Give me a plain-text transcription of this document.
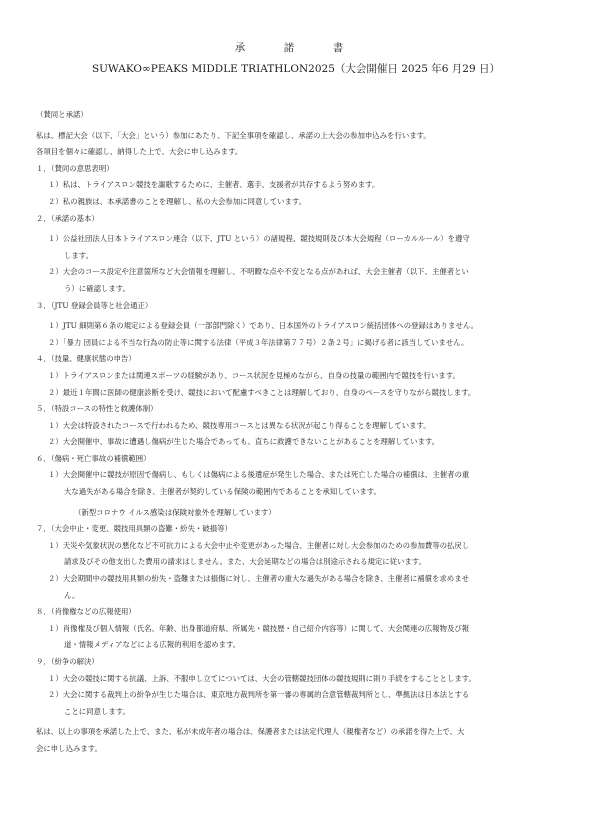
承　諾　書
SUWAKO∞PEAKS MIDDLE TRIATHLON2025（大会開催日 2025 年6 月29 日）
（賛同と承諾）
私は、標記大会（以下、「大会」という）参加にあたり、下記全事項を確認し、承諾の上大会の参加申込みを行います。
各項目を個々に確認し、納得した上で、大会に申し込みます。
１．（賛同の意思表明）
１）私は、トライアスロン競技を謳歌するために、主催者、選手、支援者が共存するよう努めます。
２）私の親族は、本承諾書のことを理解し、私の大会参加に同意しています。
２．（承諾の基本）
１）公益社団法人日本トライアスロン連合（以下、JTU という）の諸規程、競技規則及び本大会規程（ローカルルール）を遵守
します。
２）大会のコース設定や注意箇所など大会情報を理解し、不明瞭な点や不安となる点があれば、大会主催者（以下、主催者とい
う）に確認します。
３．（JTU 登録会員等と社会通正）
１）JTU 細則第６条の規定による登録会員（一部部門除く）であり、日本国外のトライアスロン統括団体への登録はありません。
２）「暴力 団員による不当な行為の防止等に関する法律（平成３年法律第７７号）２条２号」に掲げる者に該当していません。
４．（技量、健康状態の申告）
１）トライアスロンまたは関連スポーツの経験があり、コース状況を見極めながら、自身の技量の範囲内で競技を行います。
２）最近１年間に医師の健康診断を受け、競技において配慮すべきことは理解しており、自身のペースを守りながら競技します。
５．（特設コースの特性と救護体制）
１）大会は特設されたコースで行われるため、競技専用コースとは異なる状況が起こり得ることを理解しています。
２）大会開催中、事故に遭遇し傷病が生じた場合であっても、直ちに救護できないことがあることを理解しています。
６．（傷病・死亡事故の補償範囲）
１）大会開催中に競技が原因で傷病し、もしくは傷病による後遺症が発生した場合、または死亡した場合の補償は、主催者の重
大な過失がある場合を除き、主催者が契約している保険の範囲内であることを承知しています。
（新型コロナウ イルス感染は保険対象外を理解しています）
７．（大会中止・変更、競技用具類の盗難・紛失・破損等）
１）天災や気象状況の悪化など不可抗力による大会中止や変更があった場合、主催者に対し大会参加のための参加費等の払戻し
請求及びその他支出した費用の請求はしません。また、大会延期などの場合は別途示される規定に従います。
２）大会期間中の競技用具類の紛失・盗難または損傷に対し、主催者の重大な過失がある場合を除き、主催者に補償を求めませ
ん。
８．（肖像権などの広報使用）
１）肖像権及び個人情報（氏名、年齢、出身都道府県、所属先・競技歴・自己紹介内容等）に関して、大会関連の広報物及び報
道・情報メディアなどによる広報的利用を認めます。
９．（紛争の解決）
１）大会の競技に関する抗議、上訴、不服申し立てについては、大会の管轄競技団体の競技規則に則り手続をすることとします。
２）大会に関する裁判上の紛争が生じた場合は、東京地方裁判所を第一審の専属的合意管轄裁判所とし、準拠法は日本法とする
ことに同意します。
私は、以上の事項を承諾した上で、また、私が未成年者の場合は、保護者または法定代理人（親権者など）の承諾を得た上で、大
会に申し込みます。
